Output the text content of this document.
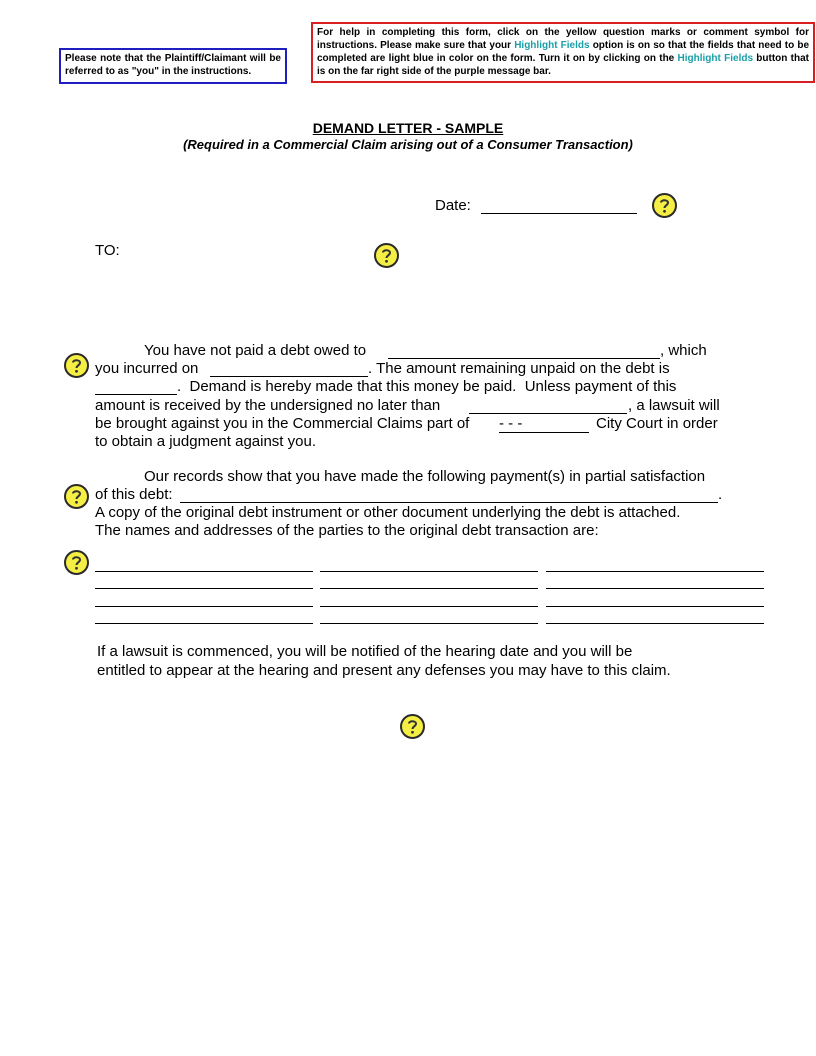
Please note that the Plaintiff/Claimant will be referred to as "you" in the instructions.
For help in completing this form, click on the yellow question marks or comment symbol for instructions. Please make sure that your Highlight Fields option is on so that the fields that need to be completed are light blue in color on the form. Turn it on by clicking on the Highlight Fields button that is on the far right side of the purple message bar.
DEMAND LETTER - SAMPLE
(Required in a Commercial Claim arising out of a Consumer Transaction)
Date:
TO:
You have not paid a debt owed to	, which
you incurred on	. The amount remaining unpaid on the debt is
.  Demand is hereby made that this money be paid.  Unless payment of this
amount is received by the undersigned no later than	, a lawsuit will
be brought against you in the Commercial Claims part of - - -	City Court in order
to obtain a judgment against you.
Our records show that you have made the following payment(s) in partial satisfaction
of this debt:	.
A copy of the original debt instrument or other document underlying the debt is attached.
The names and addresses of the parties to the original debt transaction are:
If a lawsuit is commenced, you will be notified of the hearing date and you will be
entitled to appear at the hearing and present any defenses you may have to this claim.
